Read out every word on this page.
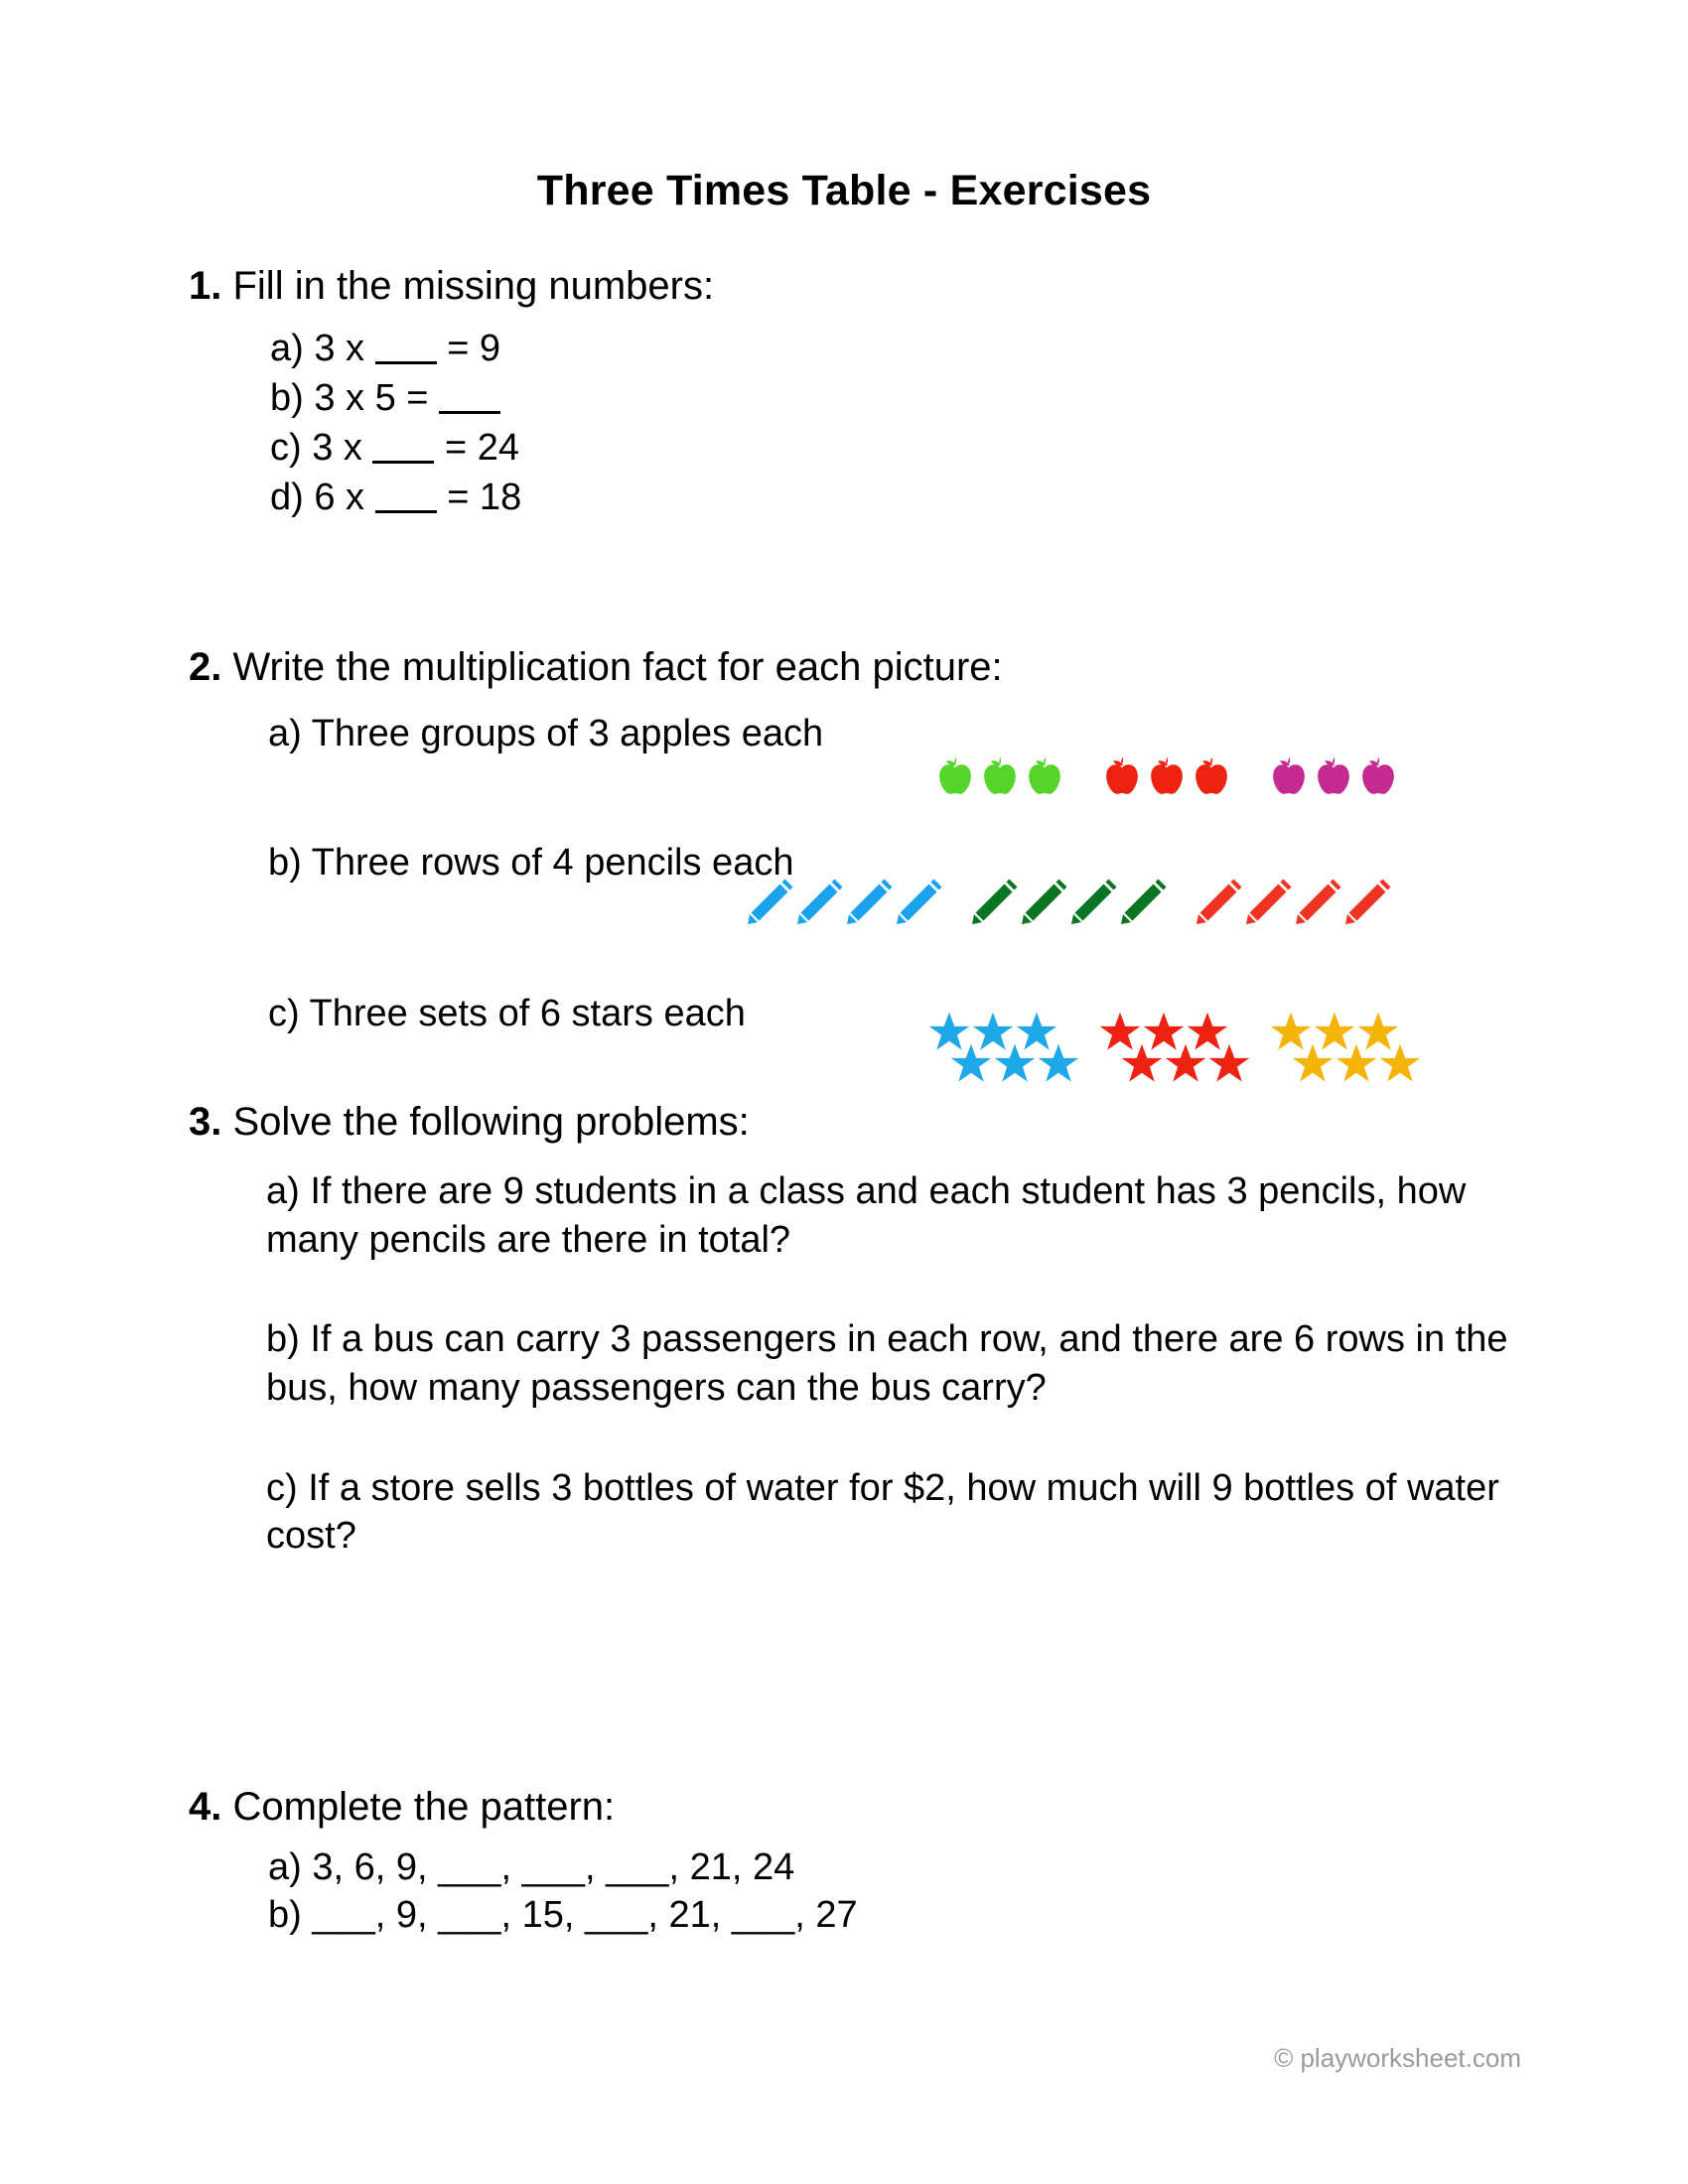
Three Times Table - Exercises
1. Fill in the missing numbers:
a) 3 x = 9
b) 3 x 5 =
c) 3 x = 24
d) 6 x = 18
2. Write the multiplication fact for each picture:
a) Three groups of 3 apples each
b) Three rows of 4 pencils each
c) Three sets of 6 stars each
3. Solve the following problems:
a) If there are 9 students in a class and each student has 3 pencils, how many pencils are there in total?
b) If a bus can carry 3 passengers in each row, and there are 6 rows in the bus, how many passengers can the bus carry?
c) If a store sells 3 bottles of water for $2, how much will 9 bottles of water cost?
4. Complete the pattern:
a) 3, 6, 9, ___, ___, ___, 21, 24
b) ___, 9, ___, 15, ___, 21, ___, 27
© playworksheet.com
